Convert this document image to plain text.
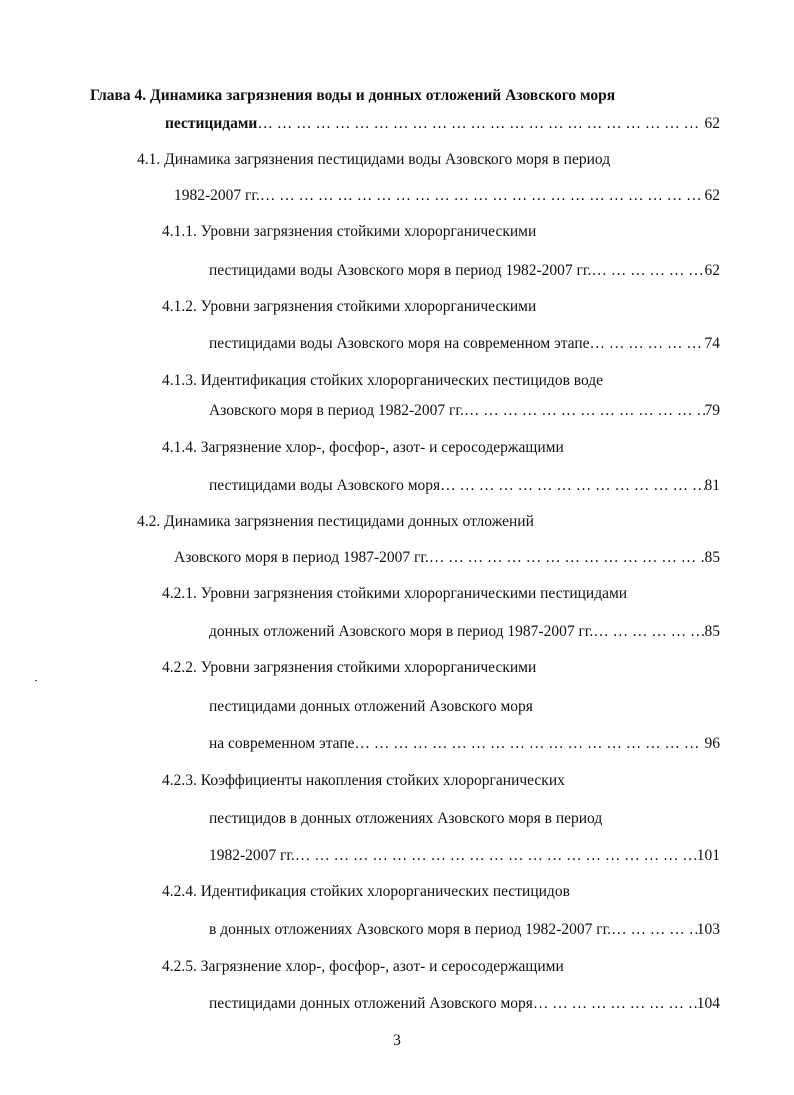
Глава 4. Динамика загрязнения воды и донных отложений Азовского моря

пестицидами … … … … … … … … … … … … … … … … … … … … … … … … … … … … … … … … … … … … … … … … … … … … …	62

4.1. Динамика загрязнения пестицидами воды Азовского моря в период

1982-2007 гг. … … … … … … … … … … … … … … … … … … … … … … … … … … … … … … … … … … … … … … … … … … … … …	62

4.1.1. Уровни загрязнения стойкими хлорорганическими

пестицидами воды Азовского моря в период 1982-2007 гг. … … … … … … … … … … … … … … … … … … … … … … … … … … … … … … … … … … … … … … … … … … … … …	62

4.1.2. Уровни загрязнения стойкими хлорорганическими

пестицидами воды Азовского моря на современном этапе … … … … … … … … … … … … … … … … … … … … … … … … … … … … … … … … … … … … … … … … … … … … …	74

4.1.3. Идентификация стойких хлорорганических пестицидов воде

Азовского моря в период 1982-2007 гг. … … … … … … … … … … … … … … … … … … … … … … … … … … … … … … … … … … … … … … … … … … … … …	79

4.1.4. Загрязнение хлор-, фосфор-, азот- и серосодержащими

пестицидами воды Азовского моря … … … … … … … … … … … … … … … … … … … … … … … … … … … … … … … … … … … … … … … … … … … … …	81

4.2. Динамика загрязнения пестицидами донных отложений

Азовского моря в период 1987-2007 гг. … … … … … … … … … … … … … … … … … … … … … … … … … … … … … … … … … … … … … … … … … … … … …	85

4.2.1. Уровни загрязнения стойкими хлорорганическими пестицидами

донных отложений Азовского моря в период 1987-2007 гг. … … … … … … … … … … … … … … … … … … … … … … … … … … … … … … … … … … … … … … … … … … … … …	85

4.2.2. Уровни загрязнения стойкими хлорорганическими

пестицидами донных отложений Азовского моря

на современном этапе … … … … … … … … … … … … … … … … … … … … … … … … … … … … … … … … … … … … … … … … … … … … …	96

4.2.3. Коэффициенты накопления стойких хлорорганических

пестицидов в донных отложениях Азовского моря в период

1982-2007 гг. … … … … … … … … … … … … … … … … … … … … … … … … … … … … … … … … … … … … … … … … … … … … …	101

4.2.4. Идентификация стойких хлорорганических пестицидов

в донных отложениях Азовского моря в период 1982-2007 гг. … … … … … … … … … … … … … … … … … … … … … … … … … … … … … … … … … … … … … … … … … … … … …	103

4.2.5. Загрязнение хлор-, фосфор-, азот- и серосодержащими

пестицидами донных отложений Азовского моря … … … … … … … … … … … … … … … … … … … … … … … … … … … … … … … … … … … … … … … … … … … … …	104
3
